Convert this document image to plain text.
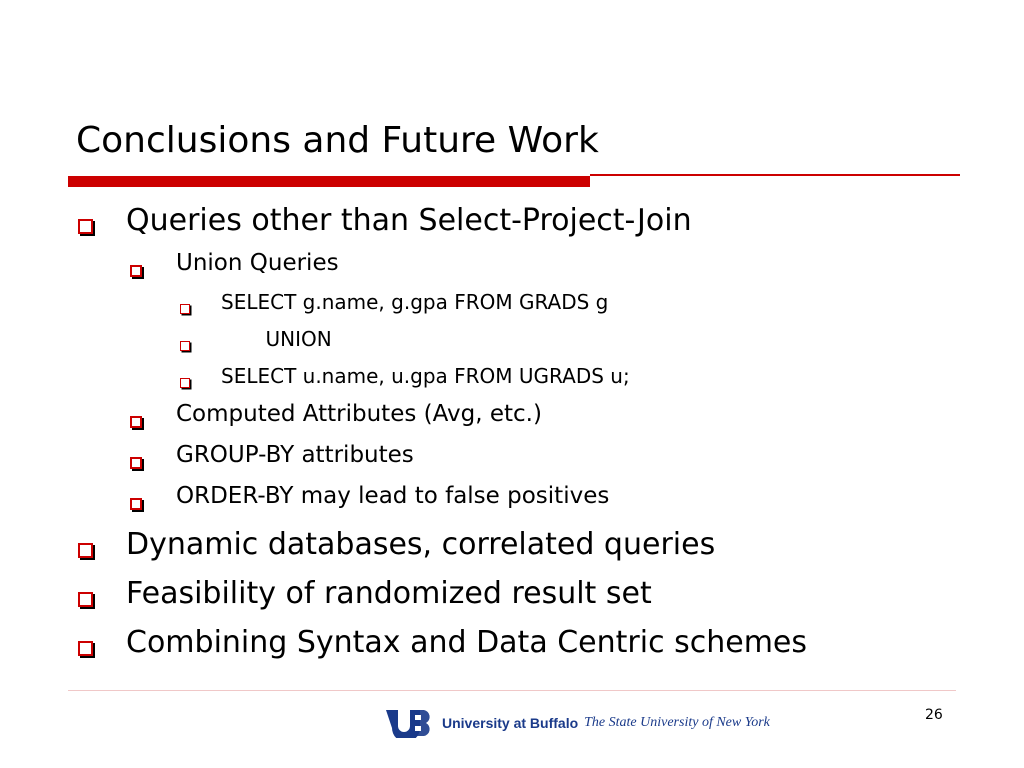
Conclusions and Future Work
Queries other than Select-Project-Join
Union Queries
SELECT g.name, g.gpa FROM GRADS g
UNION
SELECT u.name, u.gpa FROM UGRADS u;
Computed Attributes (Avg, etc.)
GROUP-BY attributes
ORDER-BY may lead to false positives
Dynamic databases, correlated queries
Feasibility of randomized result set
Combining Syntax and Data Centric schemes
University at Buffalo The State University of New York	26
